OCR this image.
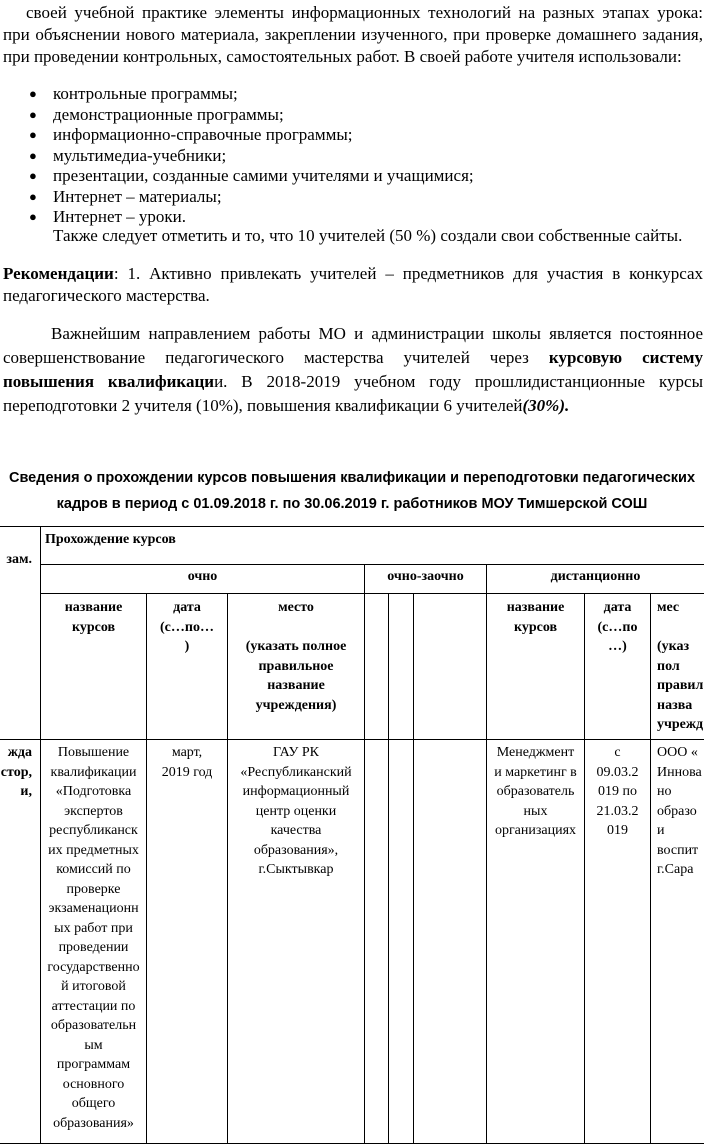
своей учебной практике элементы информационных технологий на разных этапах урока: при объяснении нового материала, закреплении изученного, при проверке домашнего задания, при проведении контрольных, самостоятельных работ. В своей работе учителя использовали:

● контрольные программы;
● демонстрационные программы;
● информационно-справочные программы;
● мультимедиа-учебники;
● презентации, созданные самими учителями и учащимися;
● Интернет – материалы;
● Интернет – уроки.

Также следует отметить и то, что 10 учителей (50 %) создали свои собственные сайты.

Рекомендации: 1. Активно привлекать учителей – предметников для участия в конкурсах педагогического мастерства.

Важнейшим направлением работы МО и администрации школы является постоянное совершенствование педагогического мастерства учителей через курсовую систему повышения квалификации. В 2018-2019 учебном году прошлидистанционные курсы переподготовки 2 учителя (10%), повышения квалификации 6 учителей(30%).

Сведения о прохождении курсов повышения квалификации и переподготовки педагогических
кадров в период с 01.09.2018 г. по 30.06.2019 г. работников МОУ Тимшерской СОШ
зам.
Прохождение курсов
очно	очно-заочно	дистанционно
название
курсов
дата
(с…по…
)
место

(указать полное
правильное
название
учреждения)
название
курсов
дата
(с…по
…)
мес

(указ
пол
правил
назва
учрежд
жда
стор,
и,
Повышение
квалификации
«Подготовка
экспертов
республиканск
их предметных
комиссий по
проверке
экзаменационн
ых работ при
проведении
государственно
й итоговой
аттестации по
образовательн
ым
программам
основного
общего
образования»
март,
2019 год
ГАУ РК
«Республиканский
информационный
центр оценки
качества
образования»,
г.Сыктывкар
Менеджмент
и маркетинг в
образователь
ных
организациях
с
09.03.2
019 по
21.03.2
019
ООО «
Иннова
но
образо
и
воспит
г.Сара
